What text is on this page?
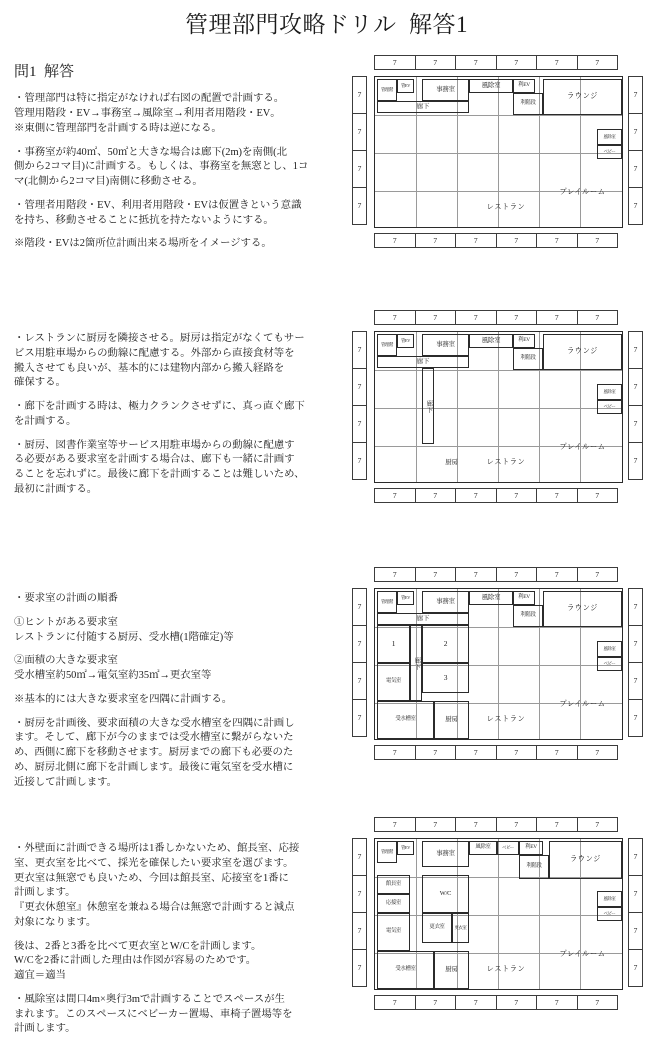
管理部門攻略ドリル  解答1
問1  解答
・管理部門は特に指定がなければ右図の配置で計画する。
管理用階段・EV→事務室→風除室→利用者用階段・EV。
※東側に管理部門を計画する時は逆になる。
・事務室が約40㎡、50㎡と大きな場合は廊下(2m)を南側(北
側から2コマ目)に計画する。もしくは、事務室を無窓とし、1コ
マ(北側から2コマ目)南側に移動させる。
・管理者用階段・EV、利用者用階段・EVは仮置きという意識
を持ち、移動させることに抵抗を持たないようにする。
※階段・EVは2箇所位計画出来る場所をイメージする。
・レストランに厨房を隣接させる。厨房は指定がなくてもサー
ビス用駐車場からの動線に配慮する。外部から直接食材等を
搬入させても良いが、基本的には建物内部から搬入経路を
確保する。
・廊下を計画する時は、極力クランクさせずに、真っ直ぐ廊下
を計画する。
・厨房、図書作業室等サービス用駐車場からの動線に配慮す
る必要がある要求室を計画する場合は、廊下も一緒に計画す
ることを忘れずに。最後に廊下を計画することは難しいため、
最初に計画する。
・要求室の計画の順番
①ヒントがある要求室
レストランに付随する厨房、受水槽(1階確定)等
②面積の大きな要求室
受水槽室約50㎡→電気室約35㎡→更衣室等
※基本的には大きな要求室を四隅に計画する。
・厨房を計画後、要求面積の大きな受水槽室を四隅に計画し
ます。そして、廊下が今のままでは受水槽室に繋がらないた
め、西側に廊下を移動させます。厨房までの廊下も必要のた
め、厨房北側に廊下を計画します。最後に電気室を受水槽に
近接して計画します。
・外壁面に計画できる場所は1番しかないため、館長室、応接
室、更衣室を比べて、採光を確保したい要求室を選びます。
更衣室は無窓でも良いため、今回は館長室、応接室を1番に
計画します。
『更衣休憩室』休憩室を兼ねる場合は無窓で計画すると減点
対象になります。
後は、2番と3番を比べて更衣室とW/Cを計画します。
W/Cを2番に計画した理由は作図が容易のためです。
適宜＝適当
・風除室は間口4m×奥行3mで計画することでスペースが生
まれます。このスペースにベビーカー置場、車椅子置場等を
計画します。
7	7	7	7	7	7
7	7	7	7	7	7
7
7
7
7
7
7
7
7
管理階
管EV
事務室
廊下
風除室	利EV
利階段
ラウンジ
風除室
ベビー
プレイルーム
レストラン
7	7	7	7	7	7
7	7	7	7	7	7
7
7
7
7
7
7
7
7
管理階
管EV
事務室
廊下
風除室	利EV
利階段
ラウンジ
廊下
風除室
ベビー
プレイルーム
厨房	レストラン
7	7	7	7	7	7
7	7	7	7	7	7
7
7
7
7
7
7
7
7
管理階
管EV
事務室
廊下
風除室	利EV
利階段
ラウンジ
1
廊下
2
電気室	3
風除室
ベビー
プレイルーム
受水槽室	厨房	レストラン
7	7	7	7	7	7
7	7	7	7	7	7
7
7
7
7
7
7
7
7
管理階
管EV
事務室
風除室	ベビー	利EV
利階段
ラウンジ
館長室
応接室
電気室
W/C
更衣室	更衣室
風除室
ベビー
プレイルーム
受水槽室	厨房	レストラン
